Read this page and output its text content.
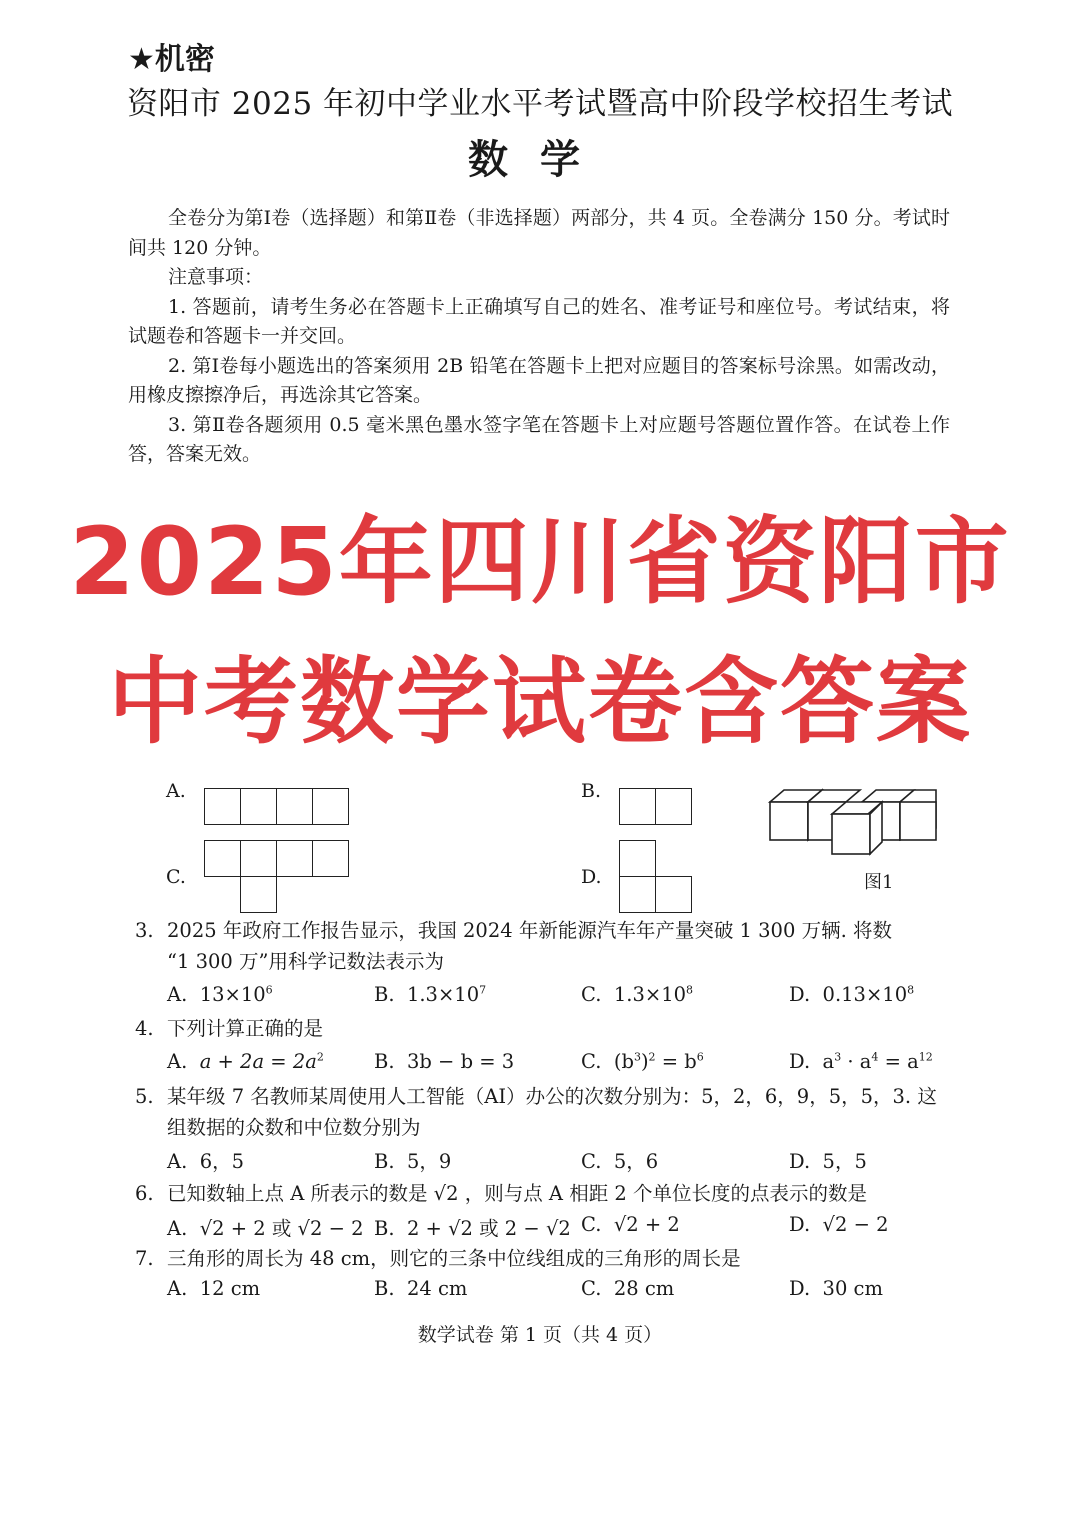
★机密
资阳市 2025 年初中学业水平考试暨高中阶段学校招生考试
数学

全卷分为第Ⅰ卷（选择题）和第Ⅱ卷（非选择题）两部分，共 4 页。全卷满分 150 分。考试时间共 120 分钟。

注意事项：

1. 答题前，请考生务必在答题卡上正确填写自己的姓名、准考证号和座位号。考试结束，将试题卷和答题卡一并交回。

2. 第Ⅰ卷每小题选出的答案须用 2B 铅笔在答题卡上把对应题目的答案标号涂黑。如需改动，用橡皮擦擦净后，再选涂其它答案。

3. 第Ⅱ卷各题须用 0.5 毫米黑色墨水签字笔在答题卡上对应题号答题位置作答。在试卷上作答，答案无效。

2025年四川省资阳市
中考数学试卷含答案
A.	B.
C.	D.	图1
3. 2025 年政府工作报告显示，我国 2024 年新能源汽车年产量突破 1 300 万辆. 将数
“1 300 万”用科学记数法表示为
A. $13\times 10^6$	B. $1.3\times 10^7$	C. $1.3\times 10^8$	D. $0.13\times 10^8$
4. 下列计算正确的是
A. $a + 2a = 2a^2$	B. 3b − b = 3	C. $(b^3)^2 = b^6$	D. $a^3 \cdot a^4 = a^{12}$
5. 某年级 7 名教师某周使用人工智能（AI）办公的次数分别为：5，2，6，9，5，5，3. 这
组数据的众数和中位数分别为
A. 6，5	B. 5，9	C. 5，6	D. 5，5
6. 已知数轴上点 A 所表示的数是 √2 ，则与点 A 相距 2 个单位长度的点表示的数是
A. √2 + 2 或 √2 − 2 B. 2 + √2 或 2 − √2 C. √2 + 2	D. √2 − 2
7. 三角形的周长为 48 cm，则它的三条中位线组成的三角形的周长是
A. 12 cm	B. 24 cm	C. 28 cm	D. 30 cm
数学试卷 第 1 页（共 4 页）
